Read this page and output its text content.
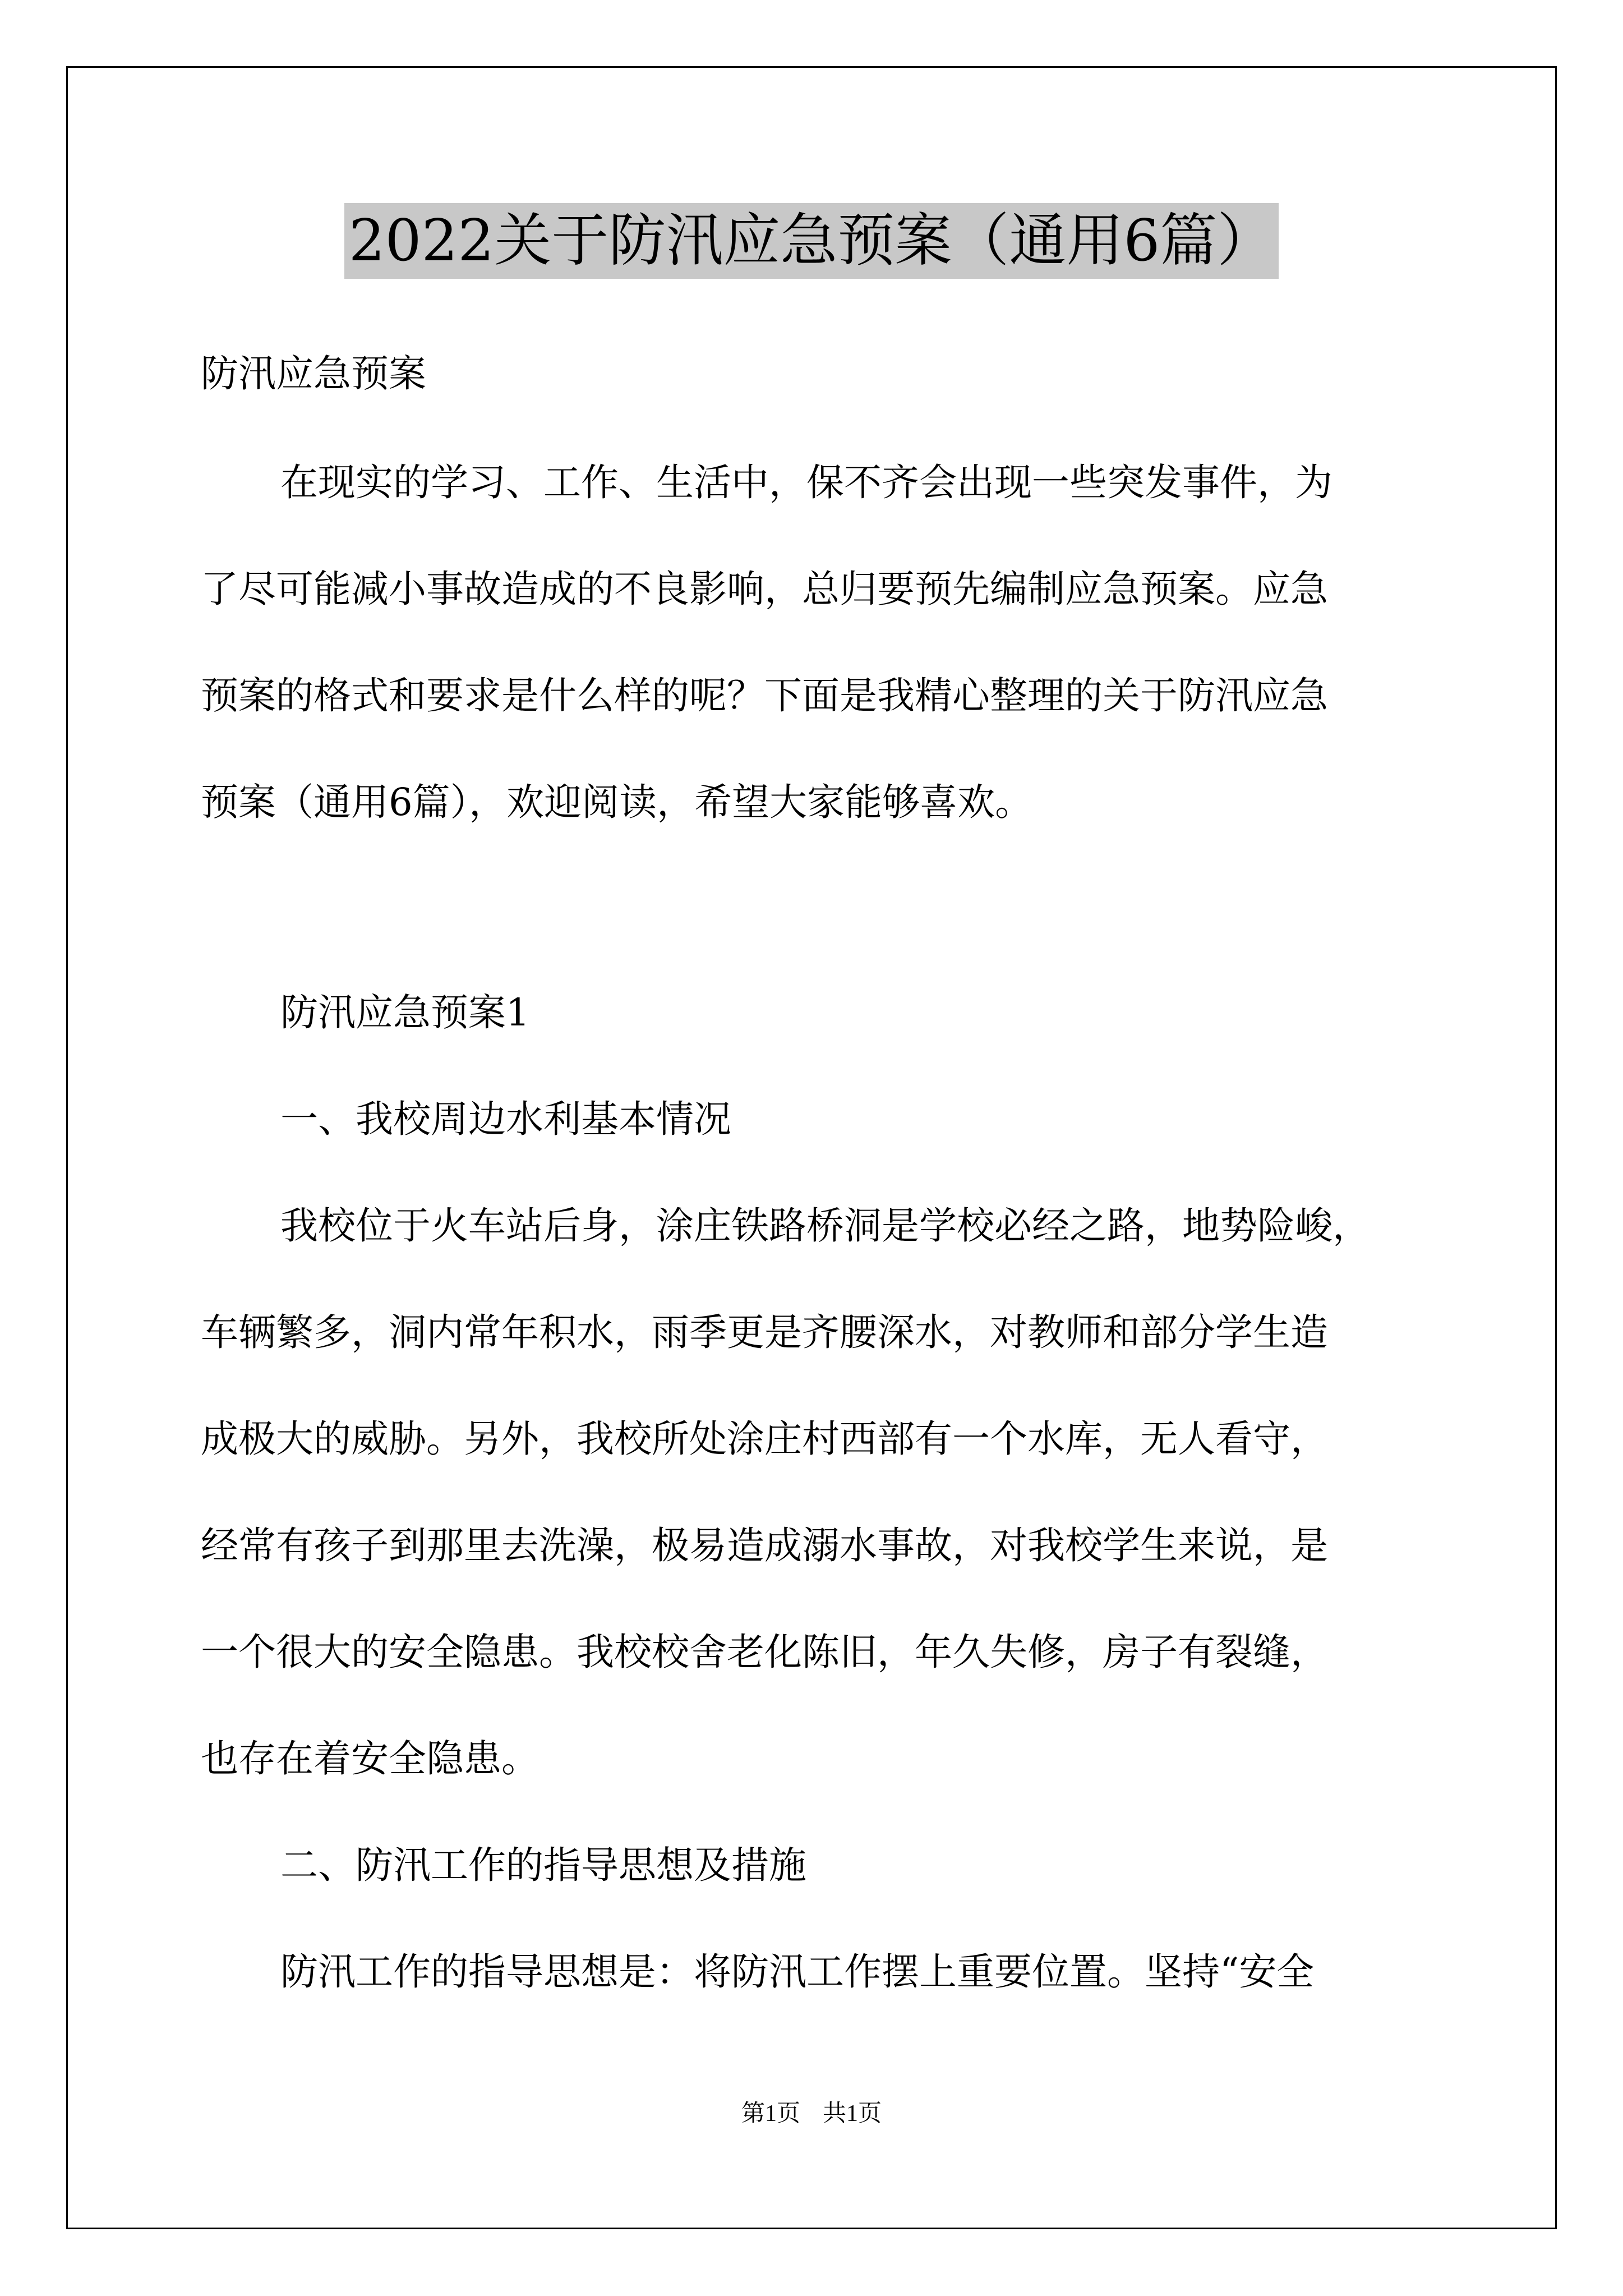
2022关于防汛应急预案（通用6篇）

防汛应急预案

在现实的学习、工作、生活中，保不齐会出现一些突发事件，为

了尽可能减小事故造成的不良影响，总归要预先编制应急预案。应急

预案的格式和要求是什么样的呢？下面是我精心整理的关于防汛应急

预案（通用6篇），欢迎阅读，希望大家能够喜欢。

防汛应急预案1

一、我校周边水利基本情况

我校位于火车站后身，涂庄铁路桥洞是学校必经之路，地势险峻，

车辆繁多，洞内常年积水，雨季更是齐腰深水，对教师和部分学生造

成极大的威胁。另外，我校所处涂庄村西部有一个水库，无人看守，

经常有孩子到那里去洗澡，极易造成溺水事故，对我校学生来说，是

一个很大的安全隐患。我校校舍老化陈旧，年久失修，房子有裂缝，

也存在着安全隐患。

二、防汛工作的指导思想及措施

防汛工作的指导思想是：将防汛工作摆上重要位置。坚持“安全

第1页 共1页
